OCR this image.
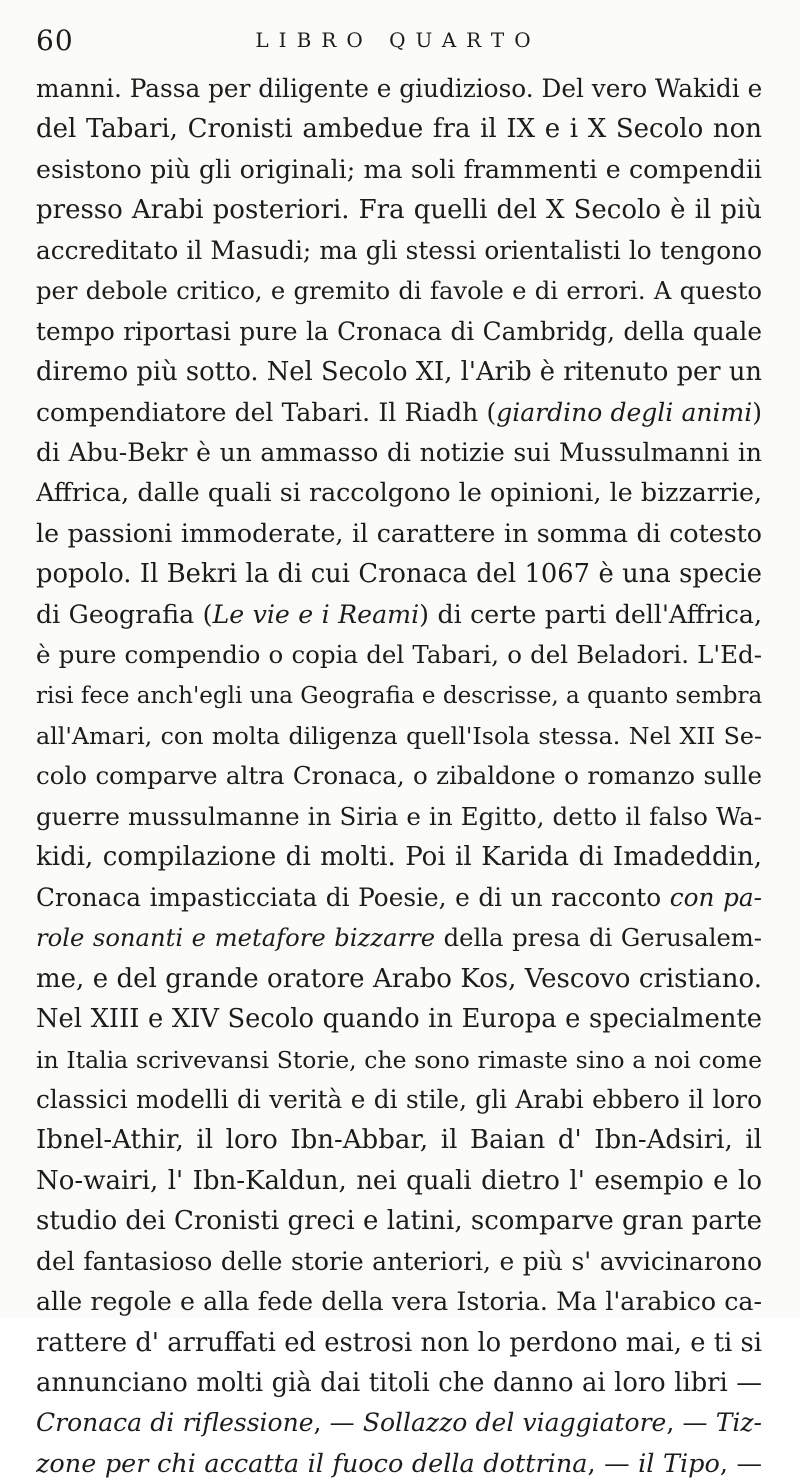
60	LIBRO QUARTO
manni. Passa per diligente e giudizioso. Del vero Wakidi e
del Tabari, Cronisti ambedue fra il IX e i X Secolo non
esistono più gli originali; ma soli frammenti e compendii
presso Arabi posteriori. Fra quelli del X Secolo è il più
accreditato il Masudi; ma gli stessi orientalisti lo tengono
per debole critico, e gremito di favole e di errori. A questo
tempo riportasi pure la Cronaca di Cambridg, della quale
diremo più sotto. Nel Secolo XI, l'Arib è ritenuto per un
compendiatore del Tabari. Il Riadh (giardino degli animi)
di Abu-Bekr è un ammasso di notizie sui Mussulmanni in
Affrica, dalle quali si raccolgono le opinioni, le bizzarrie,
le passioni immoderate, il carattere in somma di cotesto
popolo. Il Bekri la di cui Cronaca del 1067 è una specie
di Geografia (Le vie e i Reami) di certe parti dell'Affrica,
è pure compendio o copia del Tabari, o del Beladori. L'Ed-
risi fece anch'egli una Geografia e descrisse, a quanto sembra
all'Amari, con molta diligenza quell'Isola stessa. Nel XII Se-
colo comparve altra Cronaca, o zibaldone o romanzo sulle
guerre mussulmanne in Siria e in Egitto, detto il falso Wa-
kidi, compilazione di molti. Poi il Karida di Imadeddin,
Cronaca impasticciata di Poesie, e di un racconto con pa-
role sonanti e metafore bizzarre della presa di Gerusalem-
me, e del grande oratore Arabo Kos, Vescovo cristiano.
Nel XIII e XIV Secolo quando in Europa e specialmente
in Italia scrivevansi Storie, che sono rimaste sino a noi come
classici modelli di verità e di stile, gli Arabi ebbero il loro
Ibnel-Athir, il loro Ibn-Abbar, il Baian d' Ibn-Adsiri, il
No-wairi, l' Ibn-Kaldun, nei quali dietro l' esempio e lo
studio dei Cronisti greci e latini, scomparve gran parte
del fantasioso delle storie anteriori, e più s' avvicinarono
alle regole e alla fede della vera Istoria. Ma l'arabico ca-
rattere d' arruffati ed estrosi non lo perdono mai, e ti si
annunciano molti già dai titoli che danno ai loro libri —
Cronaca di riflessione, — Sollazzo del viaggiatore, — Tiz-
zone per chi accatta il fuoco della dottrina, — il Tipo, —
